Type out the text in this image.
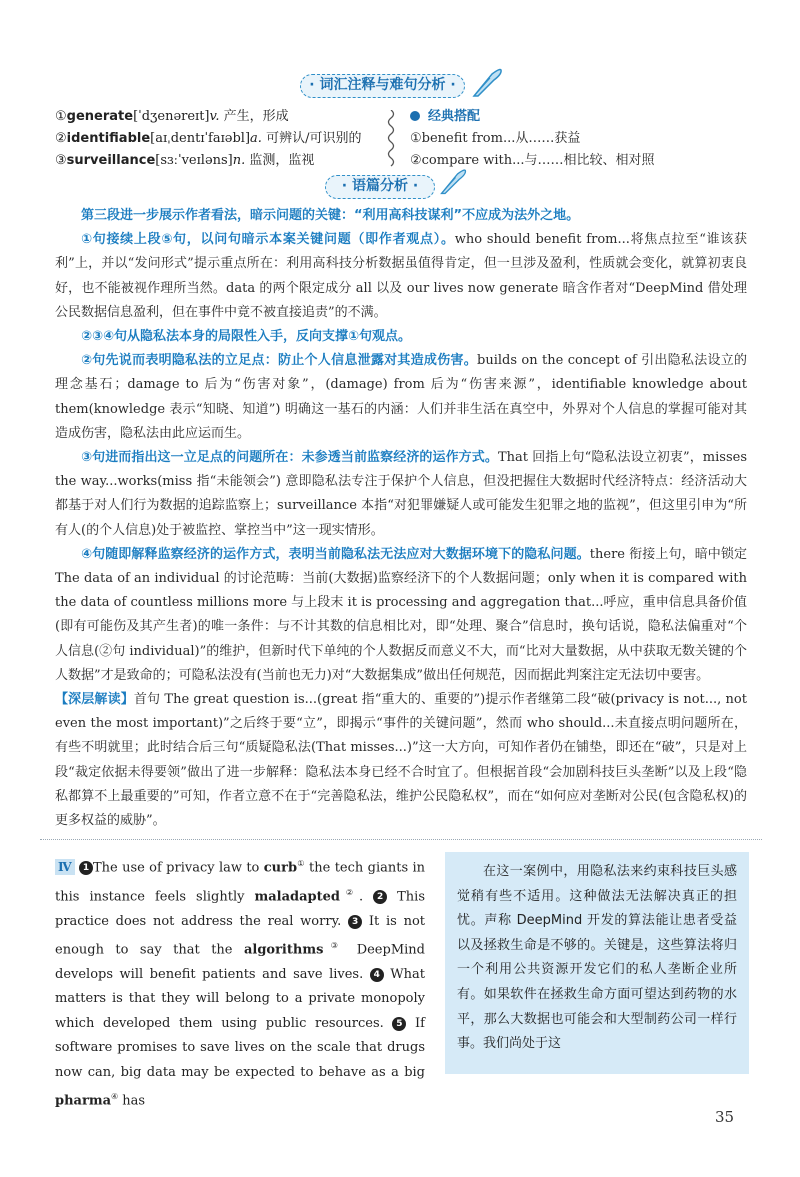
· 词汇注释与难句分析 ·
①generate[ˈdʒenəreɪt]v. 产生，形成
②identifiable[aɪˌdentɪˈfaɪəbl]a. 可辨认/可识别的
③surveillance[sɜːˈveɪləns]n. 监测，监视
经典搭配
①benefit from...从……获益
②compare with...与……相比较、相对照
· 语篇分析 ·

第三段进一步展示作者看法，暗示问题的关键：“利用高科技谋利”不应成为法外之地。

①句接续上段⑤句，以问句暗示本案关键问题（即作者观点）。who should benefit from...将焦点拉至“谁该获利”上，并以“发问形式”提示重点所在：利用高科技分析数据虽值得肯定，但一旦涉及盈利，性质就会变化，就算初衷良好，也不能被视作理所当然。data 的两个限定成分 all 以及 our lives now generate 暗含作者对“DeepMind 借处理公民数据信息盈利，但在事件中竟不被直接追责”的不满。

②③④句从隐私法本身的局限性入手，反向支撑①句观点。

②句先说而表明隐私法的立足点：防止个人信息泄露对其造成伤害。builds on the concept of 引出隐私法设立的理念基石；damage to 后为“伤害对象”，(damage) from 后为“伤害来源”，identifiable knowledge about them(knowledge 表示“知晓、知道”) 明确这一基石的内涵：人们并非生活在真空中，外界对个人信息的掌握可能对其造成伤害，隐私法由此应运而生。

③句进而指出这一立足点的问题所在：未参透当前监察经济的运作方式。That 回指上句“隐私法设立初衷”，misses the way...works(miss 指“未能领会”) 意即隐私法专注于保护个人信息，但没把握住大数据时代经济特点：经济活动大都基于对人们行为数据的追踪监察上；surveillance 本指“对犯罪嫌疑人或可能发生犯罪之地的监视”，但这里引申为“所有人(的个人信息)处于被监控、掌控当中”这一现实情形。

④句随即解释监察经济的运作方式，表明当前隐私法无法应对大数据环境下的隐私问题。there 衔接上句，暗中锁定 The data of an individual 的讨论范畴：当前(大数据)监察经济下的个人数据问题；only when it is compared with the data of countless millions more 与上段末 it is processing and aggregation that...呼应，重申信息具备价值(即有可能伤及其产生者)的唯一条件：与不计其数的信息相比对，即“处理、聚合”信息时，换句话说，隐私法偏重对“个人信息(②句 individual)”的维护，但新时代下单纯的个人数据反而意义不大，而“比对大量数据，从中获取无数关键的个人数据”才是致命的；可隐私法没有(当前也无力)对“大数据集成”做出任何规范，因而据此判案注定无法切中要害。

【深层解读】首句 The great question is...(great 指“重大的、重要的”)提示作者继第二段“破(privacy is not..., not even the most important)”之后终于要“立”，即揭示“事件的关键问题”，然而 who should...未直接点明问题所在，有些不明就里；此时结合后三句“质疑隐私法(That misses...)”这一大方向，可知作者仍在铺垫，即还在“破”，只是对上段“裁定依据未得要领”做出了进一步解释：隐私法本身已经不合时宜了。但根据首段“会加剧科技巨头垄断”以及上段“隐私都算不上最重要的”可知，作者立意不在于“完善隐私法，维护公民隐私权”，而在“如何应对垄断对公民(包含隐私权)的更多权益的威胁”。

Ⅳ 1 The use of privacy law to curb① the tech giants in this instance feels slightly maladapted②. 2 This practice does not address the real worry. 3 It is not enough to say that the algorithms③ DeepMind develops will benefit patients and save lives. 4 What matters is that they will belong to a private monopoly which developed them using public resources. 5 If software promises to save lives on the scale that drugs now can, big data may be expected to behave as a big pharma④ has

在这一案例中，用隐私法来约束科技巨头感觉稍有些不适用。这种做法无法解决真正的担忧。声称 DeepMind 开发的算法能让患者受益以及拯救生命是不够的。关键是，这些算法将归一个利用公共资源开发它们的私人垄断企业所有。如果软件在拯救生命方面可望达到药物的水平，那么大数据也可能会和大型制药公司一样行事。我们尚处于这

35
